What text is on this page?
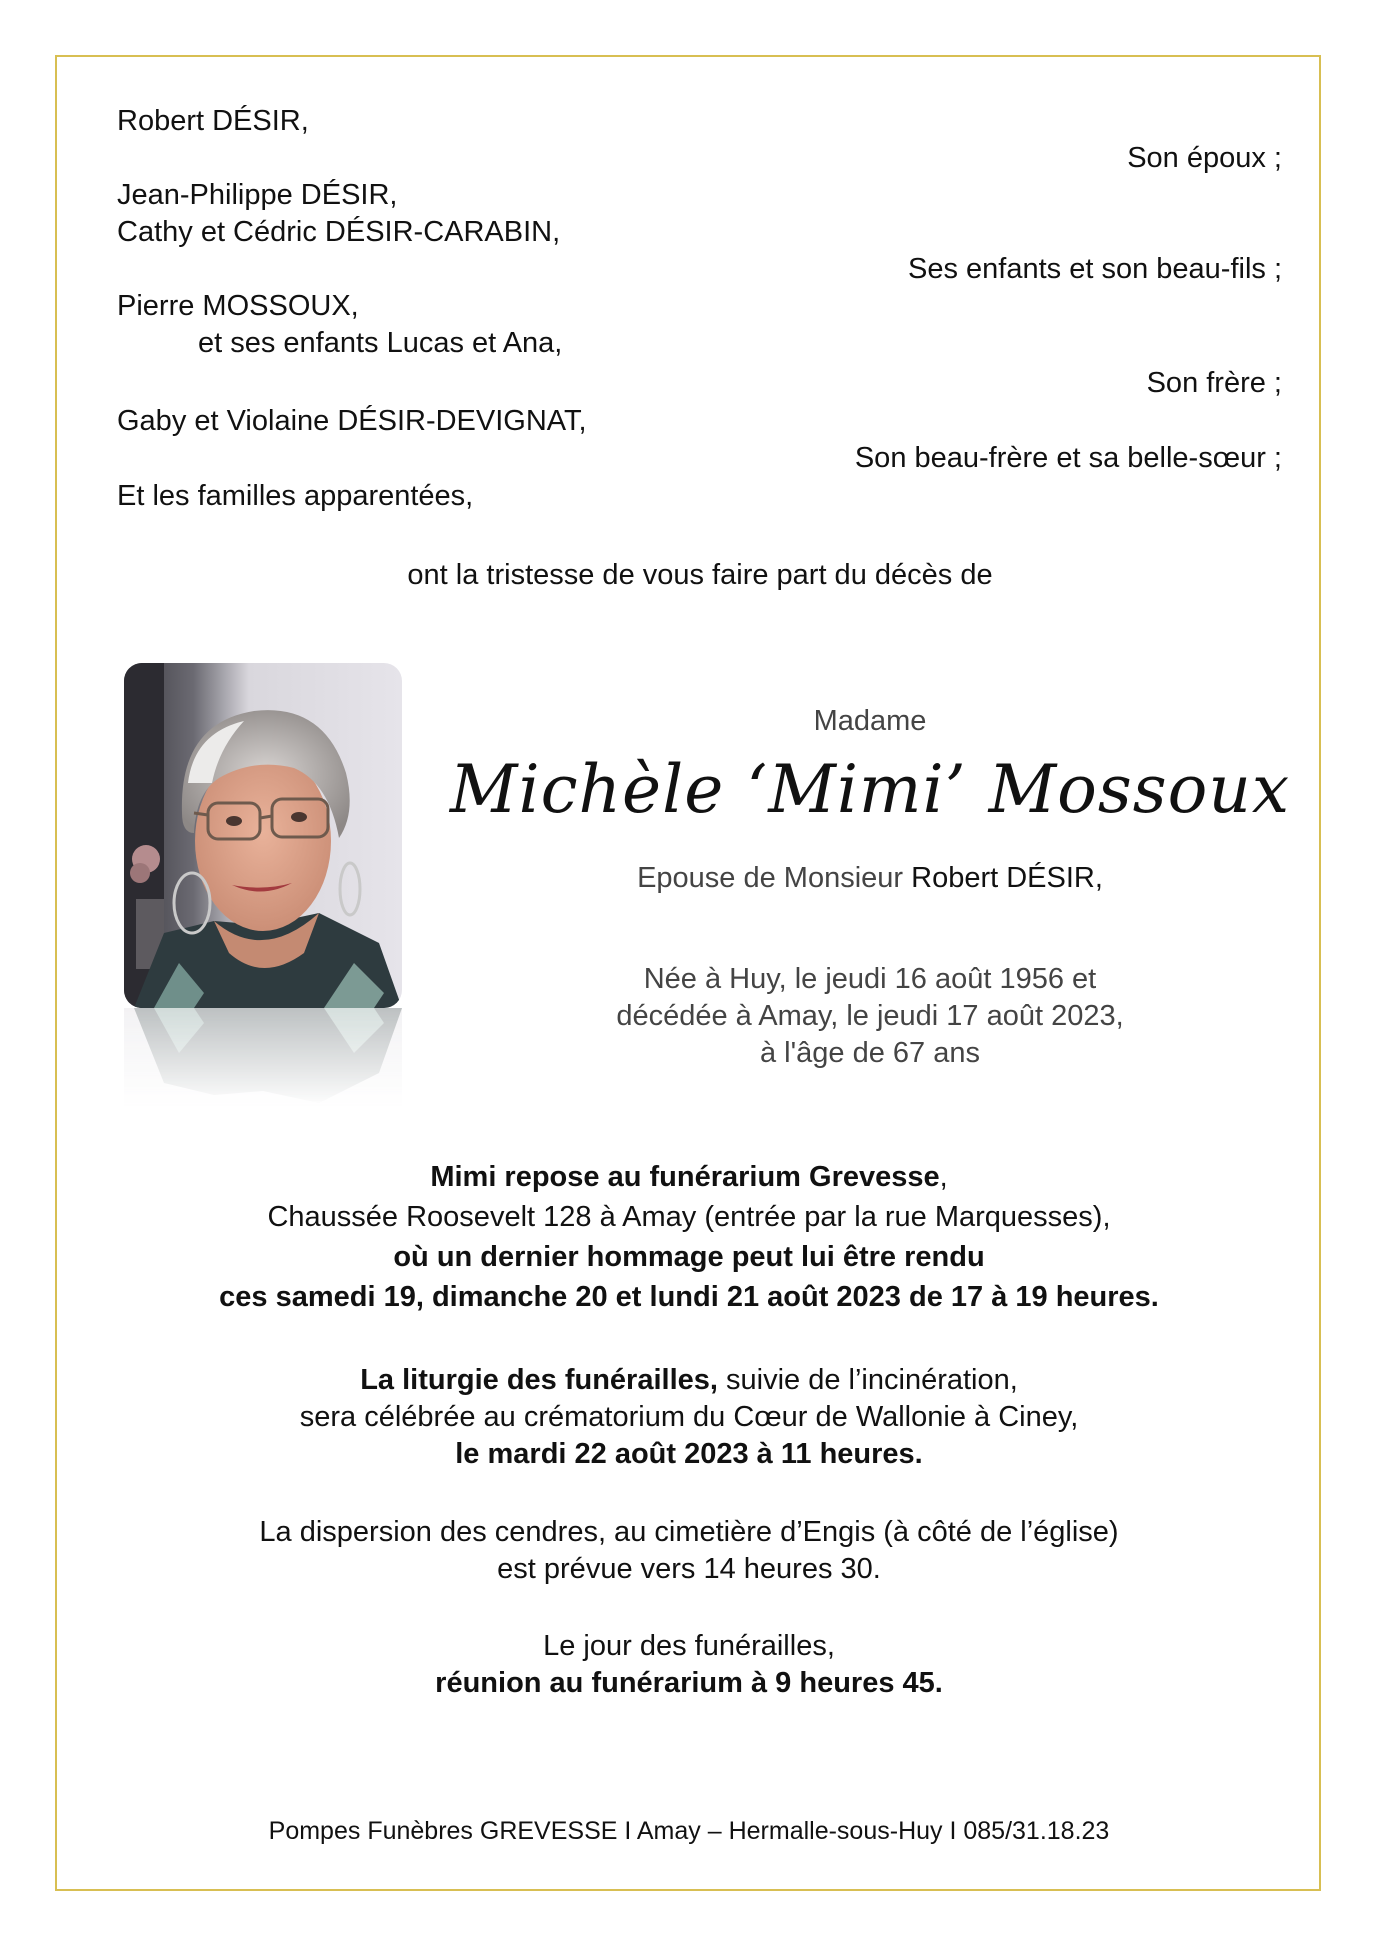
Robert DÉSIR,
Son époux ;
Jean-Philippe DÉSIR,
Cathy et Cédric DÉSIR-CARABIN,
Ses enfants et son beau-fils ;
Pierre MOSSOUX,
et ses enfants Lucas et Ana,
Son frère ;
Gaby et Violaine DÉSIR-DEVIGNAT,
Son beau-frère et sa belle-sœur ;
Et les familles apparentées,
ont la tristesse de vous faire part du décès de
Madame
Michèle ‘Mimi’ Mossoux
Epouse de Monsieur Robert DÉSIR,
Née à Huy, le jeudi 16 août 1956 et
décédée à Amay, le jeudi 17 août 2023,
à l'âge de 67 ans
Mimi repose au funérarium Grevesse,
Chaussée Roosevelt 128 à Amay (entrée par la rue Marquesses),
où un dernier hommage peut lui être rendu
ces samedi 19, dimanche 20 et lundi 21 août 2023 de 17 à 19 heures.
La liturgie des funérailles, suivie de l’incinération,
sera célébrée au crématorium du Cœur de Wallonie à Ciney,
le mardi 22 août 2023 à 11 heures.
La dispersion des cendres, au cimetière d’Engis (à côté de l’église)
est prévue vers 14 heures 30.
Le jour des funérailles,
réunion au funérarium à 9 heures 45.
Pompes Funèbres GREVESSE I Amay – Hermalle-sous-Huy I 085/31.18.23
